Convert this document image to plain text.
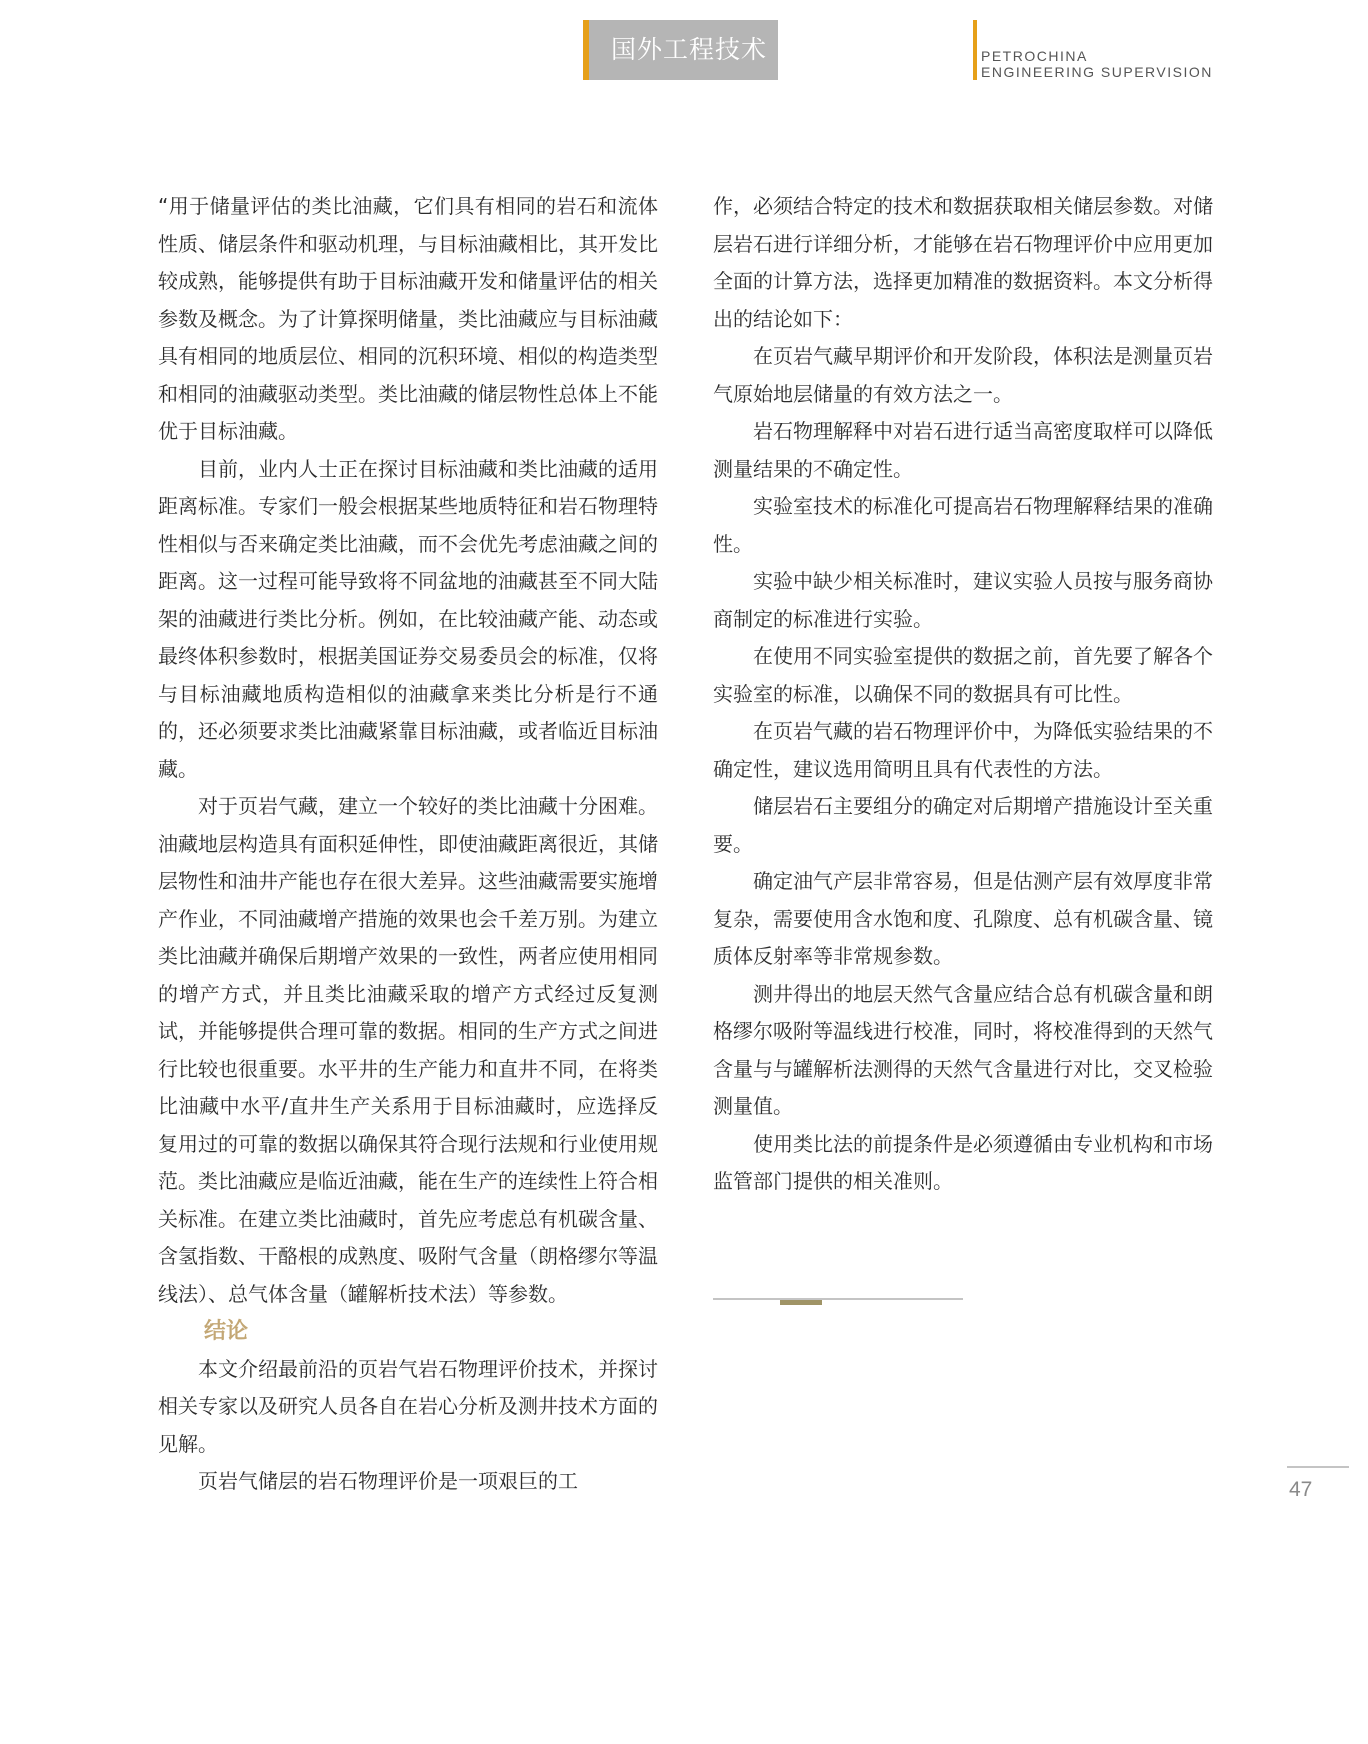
国外工程技术	PETROCHINA
ENGINEERING SUPERVISION

“用于储量评估的类比油藏，它们具有相同的岩石和流体性质、储层条件和驱动机理，与目标油藏相比，其开发比较成熟，能够提供有助于目标油藏开发和储量评估的相关参数及概念。为了计算探明储量，类比油藏应与目标油藏具有相同的地质层位、相同的沉积环境、相似的构造类型和相同的油藏驱动类型。类比油藏的储层物性总体上不能优于目标油藏。

目前，业内人士正在探讨目标油藏和类比油藏的适用距离标准。专家们一般会根据某些地质特征和岩石物理特性相似与否来确定类比油藏，而不会优先考虑油藏之间的距离。这一过程可能导致将不同盆地的油藏甚至不同大陆架的油藏进行类比分析。例如，在比较油藏产能、动态或最终体积参数时，根据美国证券交易委员会的标准，仅将与目标油藏地质构造相似的油藏拿来类比分析是行不通的，还必须要求类比油藏紧靠目标油藏，或者临近目标油藏。

对于页岩气藏，建立一个较好的类比油藏十分困难。油藏地层构造具有面积延伸性，即使油藏距离很近，其储层物性和油井产能也存在很大差异。这些油藏需要实施增产作业，不同油藏增产措施的效果也会千差万别。为建立类比油藏并确保后期增产效果的一致性，两者应使用相同的增产方式，并且类比油藏采取的增产方式经过反复测试，并能够提供合理可靠的数据。相同的生产方式之间进行比较也很重要。水平井的生产能力和直井不同，在将类比油藏中水平/直井生产关系用于目标油藏时，应选择反复用过的可靠的数据以确保其符合现行法规和行业使用规范。类比油藏应是临近油藏，能在生产的连续性上符合相关标准。在建立类比油藏时，首先应考虑总有机碳含量、含氢指数、干酪根的成熟度、吸附气含量（朗格缪尔等温线法）、总气体含量（罐解析技术法）等参数。

结论

本文介绍最前沿的页岩气岩石物理评价技术，并探讨相关专家以及研究人员各自在岩心分析及测井技术方面的见解。

页岩气储层的岩石物理评价是一项艰巨的工

作，必须结合特定的技术和数据获取相关储层参数。对储层岩石进行详细分析，才能够在岩石物理评价中应用更加全面的计算方法，选择更加精准的数据资料。本文分析得出的结论如下：

在页岩气藏早期评价和开发阶段，体积法是测量页岩气原始地层储量的有效方法之一。

岩石物理解释中对岩石进行适当高密度取样可以降低测量结果的不确定性。

实验室技术的标准化可提高岩石物理解释结果的准确性。

实验中缺少相关标准时，建议实验人员按与服务商协商制定的标准进行实验。

在使用不同实验室提供的数据之前，首先要了解各个实验室的标准，以确保不同的数据具有可比性。

在页岩气藏的岩石物理评价中，为降低实验结果的不确定性，建议选用简明且具有代表性的方法。

储层岩石主要组分的确定对后期增产措施设计至关重要。

确定油气产层非常容易，但是估测产层有效厚度非常复杂，需要使用含水饱和度、孔隙度、总有机碳含量、镜质体反射率等非常规参数。

测井得出的地层天然气含量应结合总有机碳含量和朗格缪尔吸附等温线进行校准，同时，将校准得到的天然气含量与与罐解析法测得的天然气含量进行对比，交叉检验测量值。

使用类比法的前提条件是必须遵循由专业机构和市场监管部门提供的相关准则。

47
